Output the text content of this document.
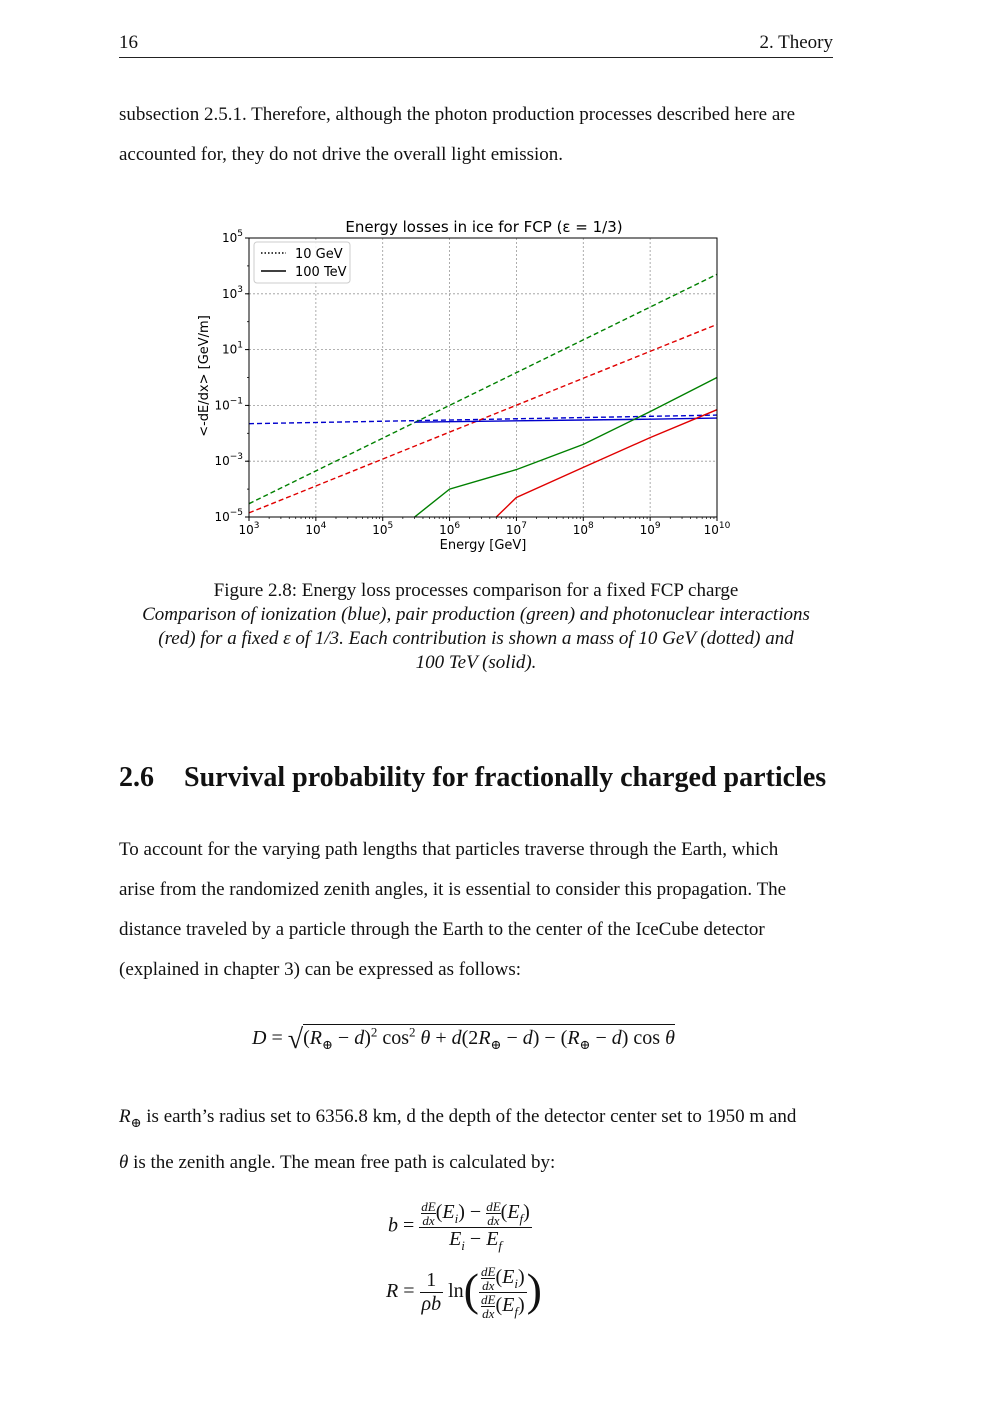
16	2. Theory

subsection 2.5.1. Therefore, although the photon production processes described here are

accounted for, they do not drive the overall light emission.

Energy losses in ice for FCP (ε = 1/3)
$10^3$	$10^4$	$10^5$	$10^6$	$10^7$	$10^8$	$10^9$	$10^{10}$
$10^5$
$10^3$
$10^1$
$10^{-1}$
$10^{-3}$
$10^{-5}$
Energy [GeV]
<-dE/dx> [GeV/m]
10 GeV
100 TeV
Figure 2.8: Energy loss processes comparison for a fixed FCP charge
Comparison of ionization (blue), pair production (green) and photonuclear interactions
(red) for a fixed ε of 1/3. Each contribution is shown a mass of 10 GeV (dotted) and
100 TeV (solid).
2.6 Survival probability for fractionally charged particles

To account for the varying path lengths that particles traverse through the Earth, which

arise from the randomized zenith angles, it is essential to consider this propagation. The

distance traveled by a particle through the Earth to the center of the IceCube detector

(explained in chapter 3) can be expressed as follows:

$D = √(R_\oplus - d)^2$ $\cos^2 \theta + d(2R_\oplus - d) - (R_\oplus - d)$ cos θ

$R_\oplus$ is earth’s radius set to 6356.8 km, d the depth of the detector center set to 1950 m and

θ is the zenith angle. The mean free path is calculated by:

$b = \frac{\frac{dE}{dx} (E_i) - \frac{dE}{dx} (E_f)}{E_i - E_f}$
$R = \frac{1}{\rho b} \ln( \frac{\frac{dE}{dx} (E_i)}{\frac{dE}{dx} (E_f)}$ )
